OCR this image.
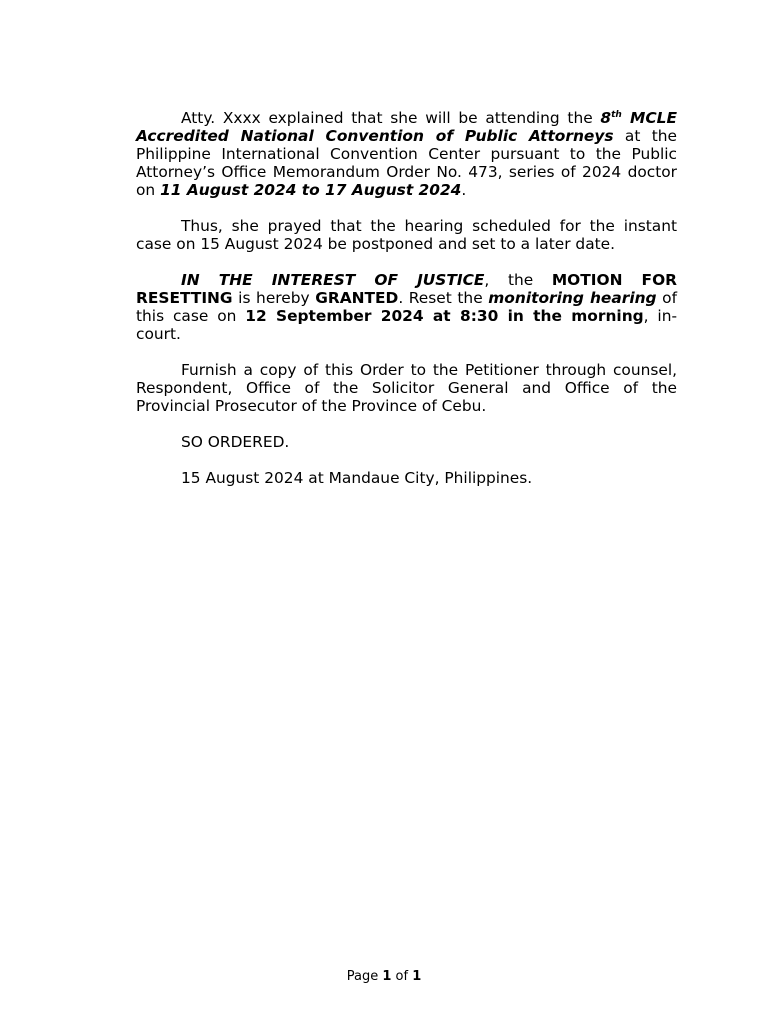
Atty. Xxxx explained that she will be attending the 8th MCLE Accredited National Convention of Public Attorneys at the Philippine International Convention Center pursuant to the Public Attorney’s Office Memorandum Order No. 473, series of 2024 doctor on 11 August 2024 to 17 August 2024.

Thus, she prayed that the hearing scheduled for the instant case on 15 August 2024 be postponed and set to a later date.

IN THE INTEREST OF JUSTICE, the MOTION FOR RESETTING is hereby GRANTED. Reset the monitoring hearing of this case on 12 September 2024 at 8:30 in the morning, in-court.

Furnish a copy of this Order to the Petitioner through counsel, Respondent, Office of the Solicitor General and Office of the Provincial Prosecutor of the Province of Cebu.

SO ORDERED.

15 August 2024 at Mandaue City, Philippines.

Page 1 of 1
